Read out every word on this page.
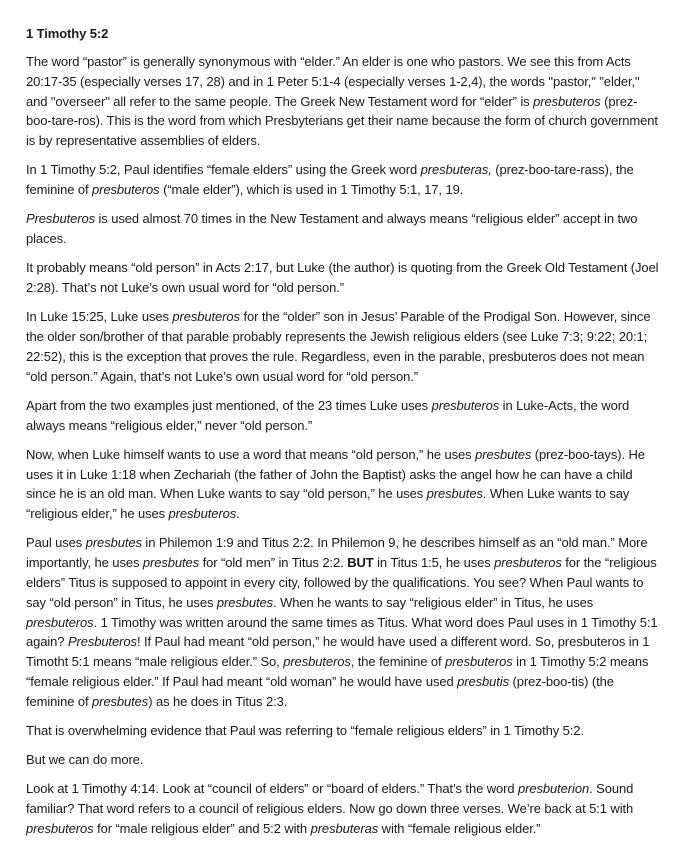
1 Timothy 5:2

The word “pastor” is generally synonymous with “elder.” An elder is one who pastors. We see this from Acts 20:17-35 (especially verses 17, 28) and in 1 Peter 5:1-4 (especially verses 1-2,4), the words "pastor," "elder," and "overseer" all refer to the same people. The Greek New Testament word for “elder” is presbuteros (prez-boo-tare-ros). This is the word from which Presbyterians get their name because the form of church government is by representative assemblies of elders.

In 1 Timothy 5:2, Paul identifies “female elders” using the Greek word presbuteras, (prez-boo-tare-rass), the feminine of presbuteros (“male elder”), which is used in 1 Timothy 5:1, 17, 19.

Presbuteros is used almost 70 times in the New Testament and always means “religious elder” accept in two places.

It probably means “old person” in Acts 2:17, but Luke (the author) is quoting from the Greek Old Testament (Joel 2:28). That’s not Luke’s own usual word for “old person.”

In Luke 15:25, Luke uses presbuteros for the “older” son in Jesus’ Parable of the Prodigal Son. However, since the older son/brother of that parable probably represents the Jewish religious elders (see Luke 7:3; 9:22; 20:1; 22:52), this is the exception that proves the rule. Regardless, even in the parable, presbuteros does not mean “old person.” Again, that’s not Luke’s own usual word for “old person.”

Apart from the two examples just mentioned, of the 23 times Luke uses presbuteros in Luke-Acts, the word always means “religious elder,” never “old person.”

Now, when Luke himself wants to use a word that means “old person,” he uses presbutes (prez-boo-tays). He uses it in Luke 1:18 when Zechariah (the father of John the Baptist) asks the angel how he can have a child since he is an old man. When Luke wants to say “old person,” he uses presbutes. When Luke wants to say “religious elder,” he uses presbuteros.

Paul uses presbutes in Philemon 1:9 and Titus 2:2. In Philemon 9, he describes himself as an “old man.” More importantly, he uses presbutes for “old men” in Titus 2:2. BUT in Titus 1:5, he uses presbuteros for the “religious elders” Titus is supposed to appoint in every city, followed by the qualifications. You see? When Paul wants to say “old person” in Titus, he uses presbutes. When he wants to say “religious elder” in Titus, he uses presbuteros. 1 Timothy was written around the same times as Titus. What word does Paul uses in 1 Timothy 5:1 again? Presbuteros! If Paul had meant “old person,” he would have used a different word. So, presbuteros in 1 Timotht 5:1 means “male religious elder.” So, presbuteros, the feminine of presbuteros in 1 Timothy 5:2 means “female religious elder.” If Paul had meant “old woman” he would have used presbutis (prez-boo-tis) (the feminine of presbutes) as he does in Titus 2:3.

That is overwhelming evidence that Paul was referring to “female religious elders” in 1 Timothy 5:2.

But we can do more.

Look at 1 Timothy 4:14. Look at “council of elders” or “board of elders.” That’s the word presbuterion. Sound familiar? That word refers to a council of religious elders. Now go down three verses. We’re back at 5:1 with presbuteros for “male religious elder” and 5:2 with presbuteras with “female religious elder.”
